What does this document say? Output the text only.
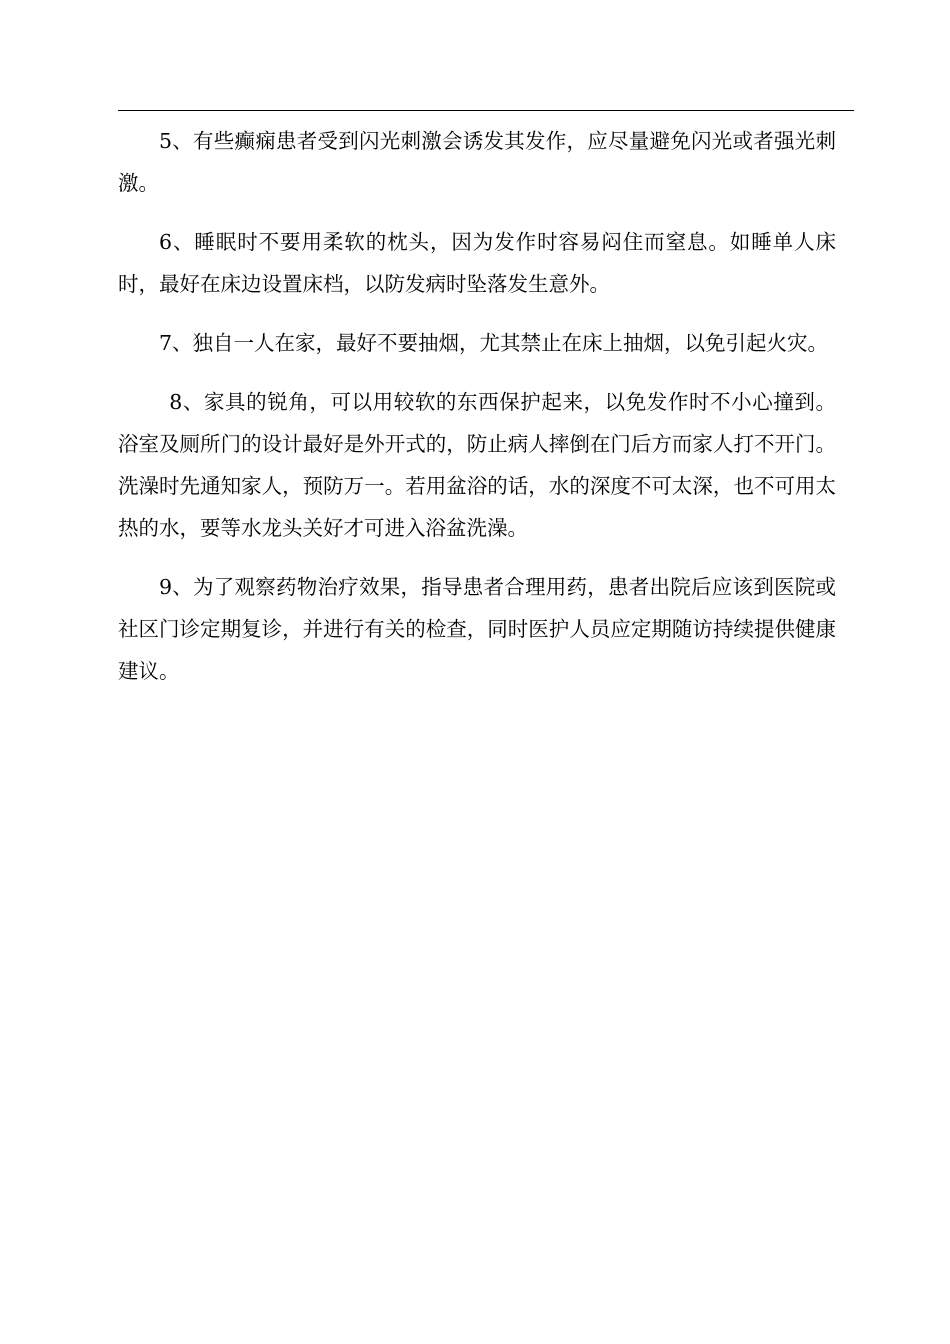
5、有些癫痫患者受到闪光刺激会诱发其发作，应尽量避免闪光或者强光刺激。

6、睡眠时不要用柔软的枕头，因为发作时容易闷住而窒息。如睡单人床时，最好在床边设置床档，以防发病时坠落发生意外。

7、独自一人在家，最好不要抽烟，尤其禁止在床上抽烟，以免引起火灾。

8、家具的锐角，可以用较软的东西保护起来，以免发作时不小心撞到。浴室及厕所门的设计最好是外开式的，防止病人摔倒在门后方而家人打不开门。洗澡时先通知家人，预防万一。若用盆浴的话，水的深度不可太深，也不可用太热的水，要等水龙头关好才可进入浴盆洗澡。

9、为了观察药物治疗效果，指导患者合理用药，患者出院后应该到医院或社区门诊定期复诊，并进行有关的检查，同时医护人员应定期随访持续提供健康建议。
